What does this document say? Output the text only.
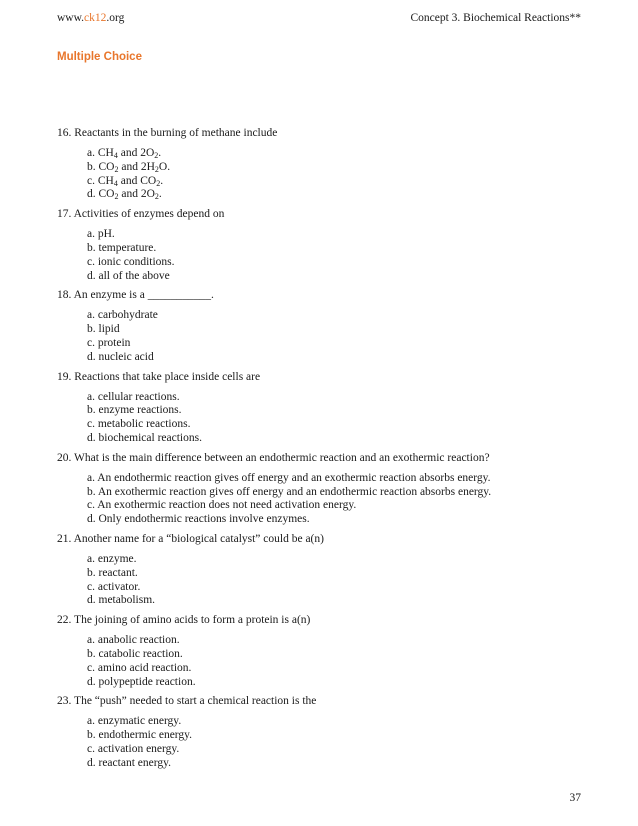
www.ck12.org	Concept 3. Biochemical Reactions**
Multiple Choice
16. Reactants in the burning of methane include
a. $CH_4$ and $2O_2$.
b. $CO_2$ and $2H_2O$.
c. $CH_4$ and $CO_2$.
d. $CO_2$ and $2O_2$.
17. Activities of enzymes depend on
a. pH.
b. temperature.
c. ionic conditions.
d. all of the above
18. An enzyme is a ___________.
a. carbohydrate
b. lipid
c. protein
d. nucleic acid
19. Reactions that take place inside cells are
a. cellular reactions.
b. enzyme reactions.
c. metabolic reactions.
d. biochemical reactions.
20. What is the main difference between an endothermic reaction and an exothermic reaction?
a. An endothermic reaction gives off energy and an exothermic reaction absorbs energy.
b. An exothermic reaction gives off energy and an endothermic reaction absorbs energy.
c. An exothermic reaction does not need activation energy.
d. Only endothermic reactions involve enzymes.
21. Another name for a “biological catalyst” could be a(n)
a. enzyme.
b. reactant.
c. activator.
d. metabolism.
22. The joining of amino acids to form a protein is a(n)
a. anabolic reaction.
b. catabolic reaction.
c. amino acid reaction.
d. polypeptide reaction.
23. The “push” needed to start a chemical reaction is the
a. enzymatic energy.
b. endothermic energy.
c. activation energy.
d. reactant energy.
37
